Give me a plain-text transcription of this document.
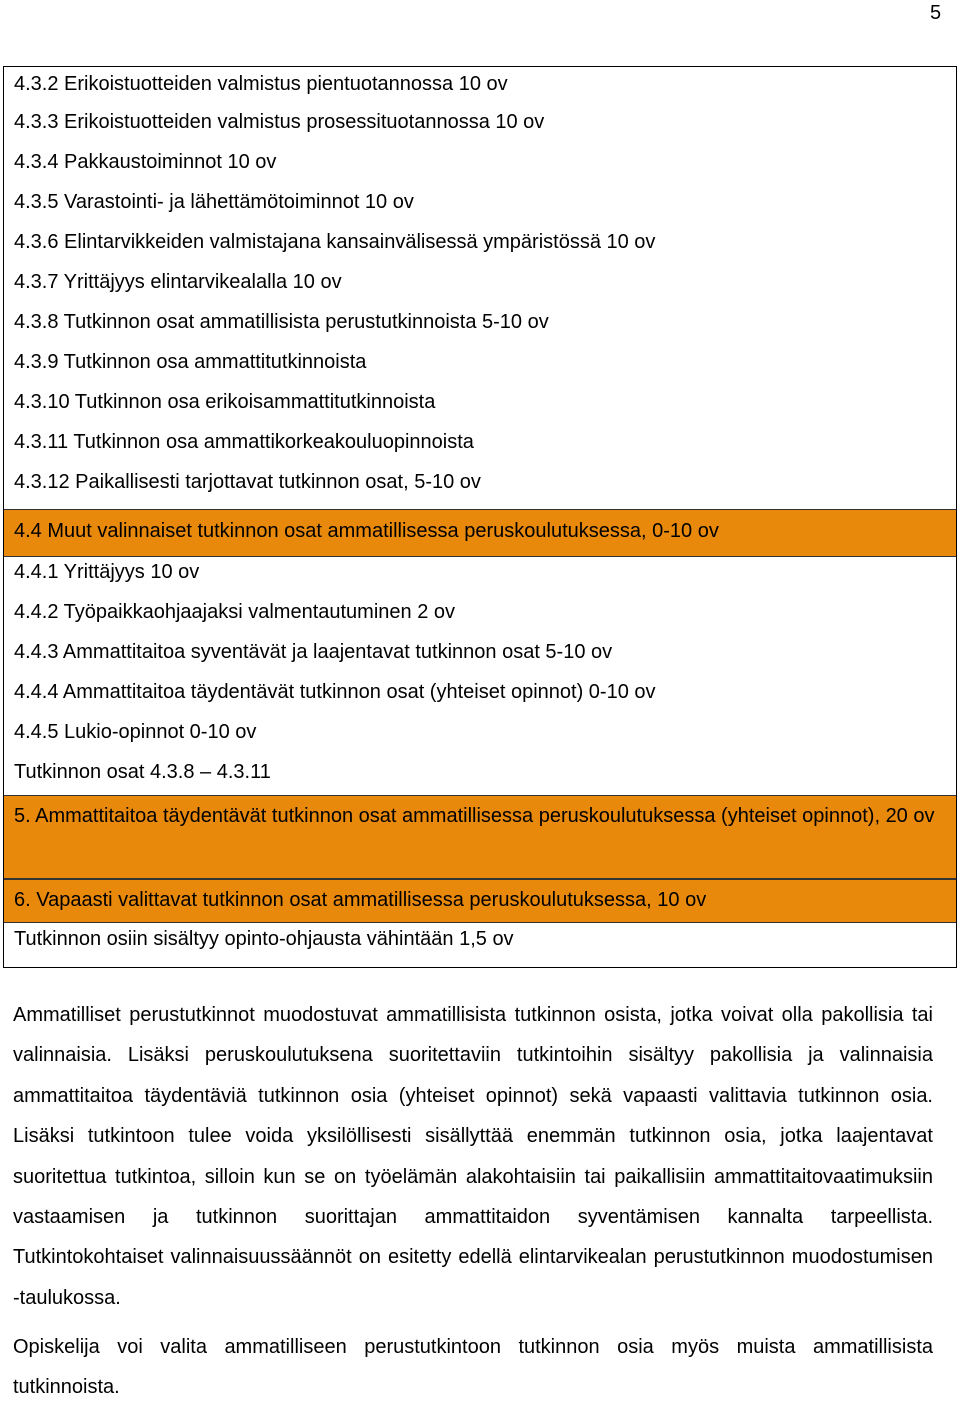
5
4.3.2 Erikoistuotteiden valmistus pientuotannossa 10 ov
4.3.3 Erikoistuotteiden valmistus prosessituotannossa 10 ov
4.3.4 Pakkaustoiminnot 10 ov
4.3.5 Varastointi- ja lähettämötoiminnot 10 ov
4.3.6 Elintarvikkeiden valmistajana kansainvälisessä ympäristössä 10 ov
4.3.7 Yrittäjyys elintarvikealalla 10 ov
4.3.8 Tutkinnon osat ammatillisista perustutkinnoista 5-10 ov
4.3.9 Tutkinnon osa ammattitutkinnoista
4.3.10 Tutkinnon osa erikoisammattitutkinnoista
4.3.11 Tutkinnon osa ammattikorkeakouluopinnoista
4.3.12 Paikallisesti tarjottavat tutkinnon osat, 5-10 ov
4.4 Muut valinnaiset tutkinnon osat ammatillisessa peruskoulutuksessa, 0-10 ov
4.4.1 Yrittäjyys 10 ov
4.4.2 Työpaikkaohjaajaksi valmentautuminen 2 ov
4.4.3 Ammattitaitoa syventävät ja laajentavat tutkinnon osat 5-10 ov
4.4.4 Ammattitaitoa täydentävät tutkinnon osat (yhteiset opinnot) 0-10 ov
4.4.5 Lukio-opinnot 0-10 ov
Tutkinnon osat 4.3.8 – 4.3.11
5. Ammattitaitoa täydentävät tutkinnon osat ammatillisessa peruskoulutuksessa (yhteiset opinnot), 20 ov
6. Vapaasti valittavat tutkinnon osat ammatillisessa peruskoulutuksessa, 10 ov
Tutkinnon osiin sisältyy opinto-ohjausta vähintään 1,5 ov

Ammatilliset perustutkinnot muodostuvat ammatillisista tutkinnon osista, jotka voivat olla pakollisia tai valinnaisia. Lisäksi peruskoulutuksena suoritettaviin tutkintoihin sisältyy pakollisia ja valinnaisia ammattitaitoa täydentäviä tutkinnon osia (yhteiset opinnot) sekä vapaasti valittavia tutkinnon osia. Lisäksi tutkintoon tulee voida yksilöllisesti sisällyttää enemmän tutkinnon osia, jotka laajentavat suoritettua tutkintoa, silloin kun se on työelämän alakohtaisiin tai paikallisiin ammattitaitovaatimuksiin vastaamisen ja tutkinnon suorittajan ammattitaidon syventämisen kannalta tarpeellista. Tutkintokohtaiset valinnaisuussäännöt on esitetty edellä elintarvikealan perustutkinnon muodostumisen -taulukossa.

Opiskelija voi valita ammatilliseen perustutkintoon tutkinnon osia myös muista ammatillisista tutkinnoista.
